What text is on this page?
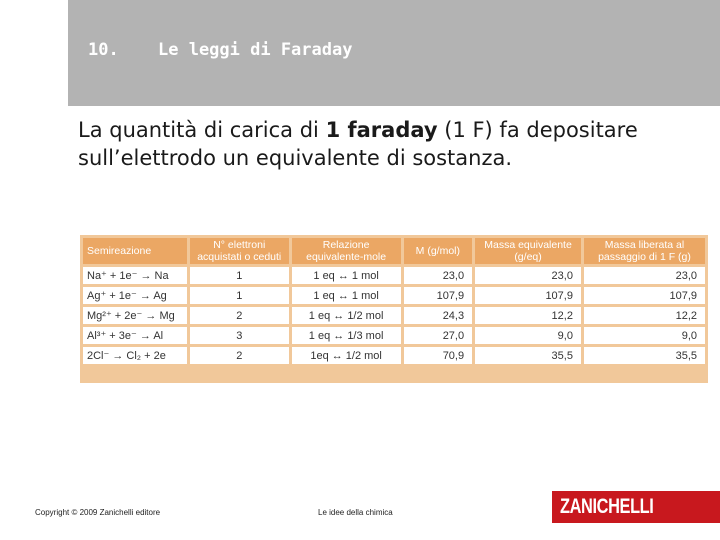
10. Le leggi di Faraday
La quantità di carica di 1 faraday (1 F) fa depositare sull’elettrodo un equivalente di sostanza.
Semireazione	N° elettroni acquistati o ceduti	Relazione equivalente-mole	M (g/mol)	Massa equivalente (g/eq)	Massa liberata al passaggio di 1 F (g)
Na⁺ + 1e⁻ → Na	1	1 eq ↔ 1 mol	23,0	23,0	23,0
Ag⁺ + 1e⁻ → Ag	1	1 eq ↔ 1 mol	107,9	107,9	107,9
Mg²⁺ + 2e⁻ → Mg	2	1 eq ↔ 1/2 mol	24,3	12,2	12,2
Al³⁺ + 3e⁻ → Al	3	1 eq ↔ 1/3 mol	27,0	9,0	9,0
2Cl⁻ → Cl₂ + 2e	2	1eq ↔ 1/2 mol	70,9	35,5	35,5
Copyright © 2009 Zanichelli editore	Le idee della chimica	ZANICHELLI
